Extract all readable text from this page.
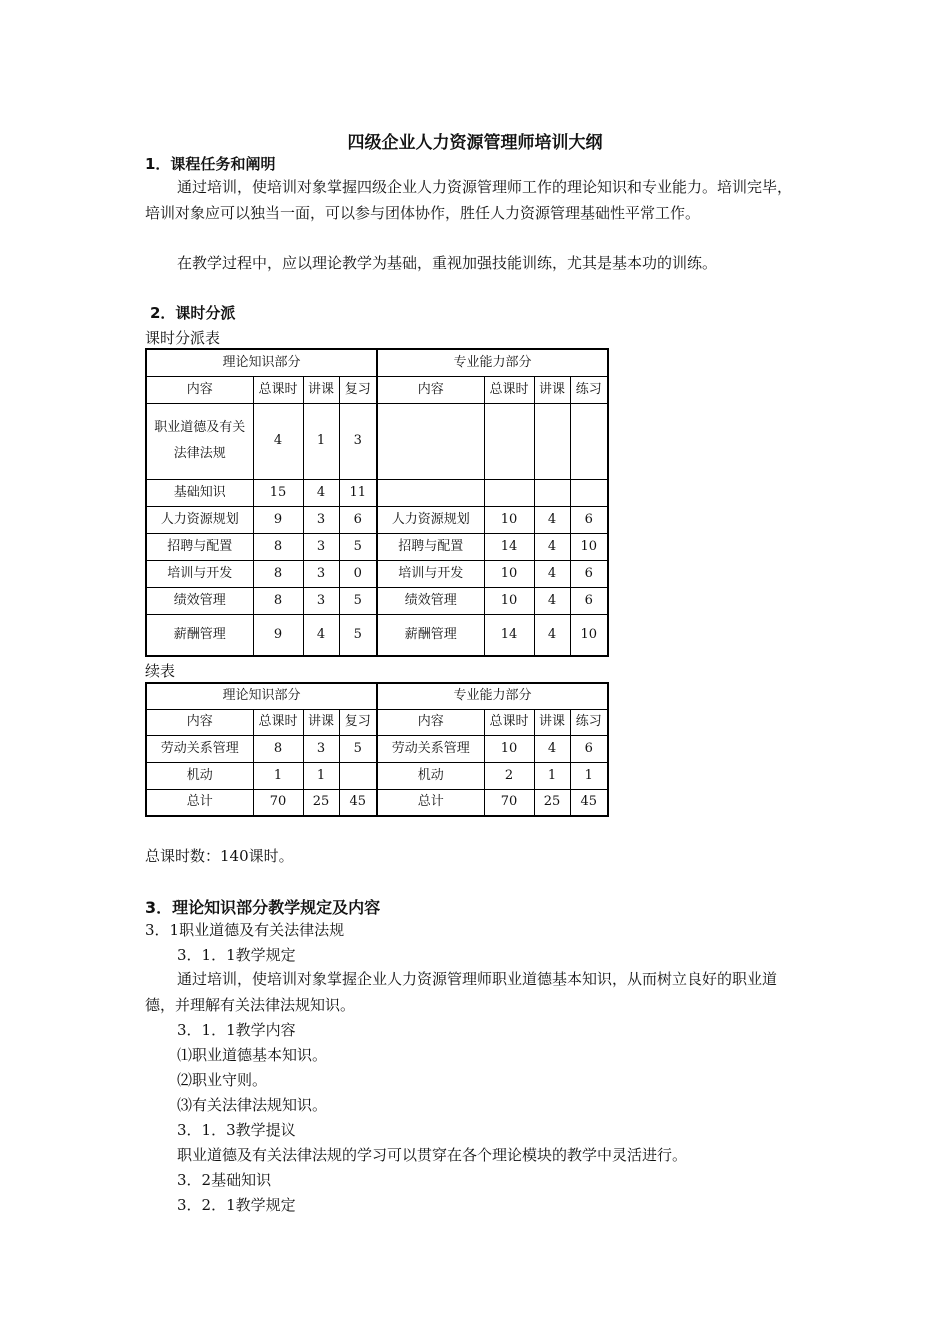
四级企业人力资源管理师培训大纲
1．课程任务和阐明

通过培训，使培训对象掌握四级企业人力资源管理师工作的理论知识和专业能力。培训完毕，培训对象应可以独当一面，可以参与团体协作，胜任人力资源管理基础性平常工作。

在教学过程中，应以理论教学为基础，重视加强技能训练，尤其是基本功的训练。

2．课时分派
课时分派表
理论知识部分				专业能力部分			
内容	总课时	讲课	复习	内容	总课时	讲课	练习
职业道德及有关法律法规	4	1	3				
基础知识	15	4	11				
人力资源规划	9	3	6	人力资源规划	10	4	6
招聘与配置	8	3	5	招聘与配置	14	4	10
培训与开发	8	3	0	培训与开发	10	4	6
绩效管理	8	3	5	绩效管理	10	4	6
薪酬管理	9	4	5	薪酬管理	14	4	10
续表
理论知识部分				专业能力部分			
内容	总课时	讲课	复习	内容	总课时	讲课	练习
劳动关系管理	8	3	5	劳动关系管理	10	4	6
机动	1	1		机动	2	1	1
总计	70	25	45	总计	70	25	45
总课时数：140课时。
3．理论知识部分教学规定及内容
3．1职业道德及有关法律法规
3．1．1教学规定

通过培训，使培训对象掌握企业人力资源管理师职业道德基本知识，从而树立良好的职业道德，并理解有关法律法规知识。

3．1．1教学内容
⑴职业道德基本知识。
⑵职业守则。
⑶有关法律法规知识。
3．1．3教学提议
职业道德及有关法律法规的学习可以贯穿在各个理论模块的教学中灵活进行。
3．2基础知识
3．2．1教学规定
